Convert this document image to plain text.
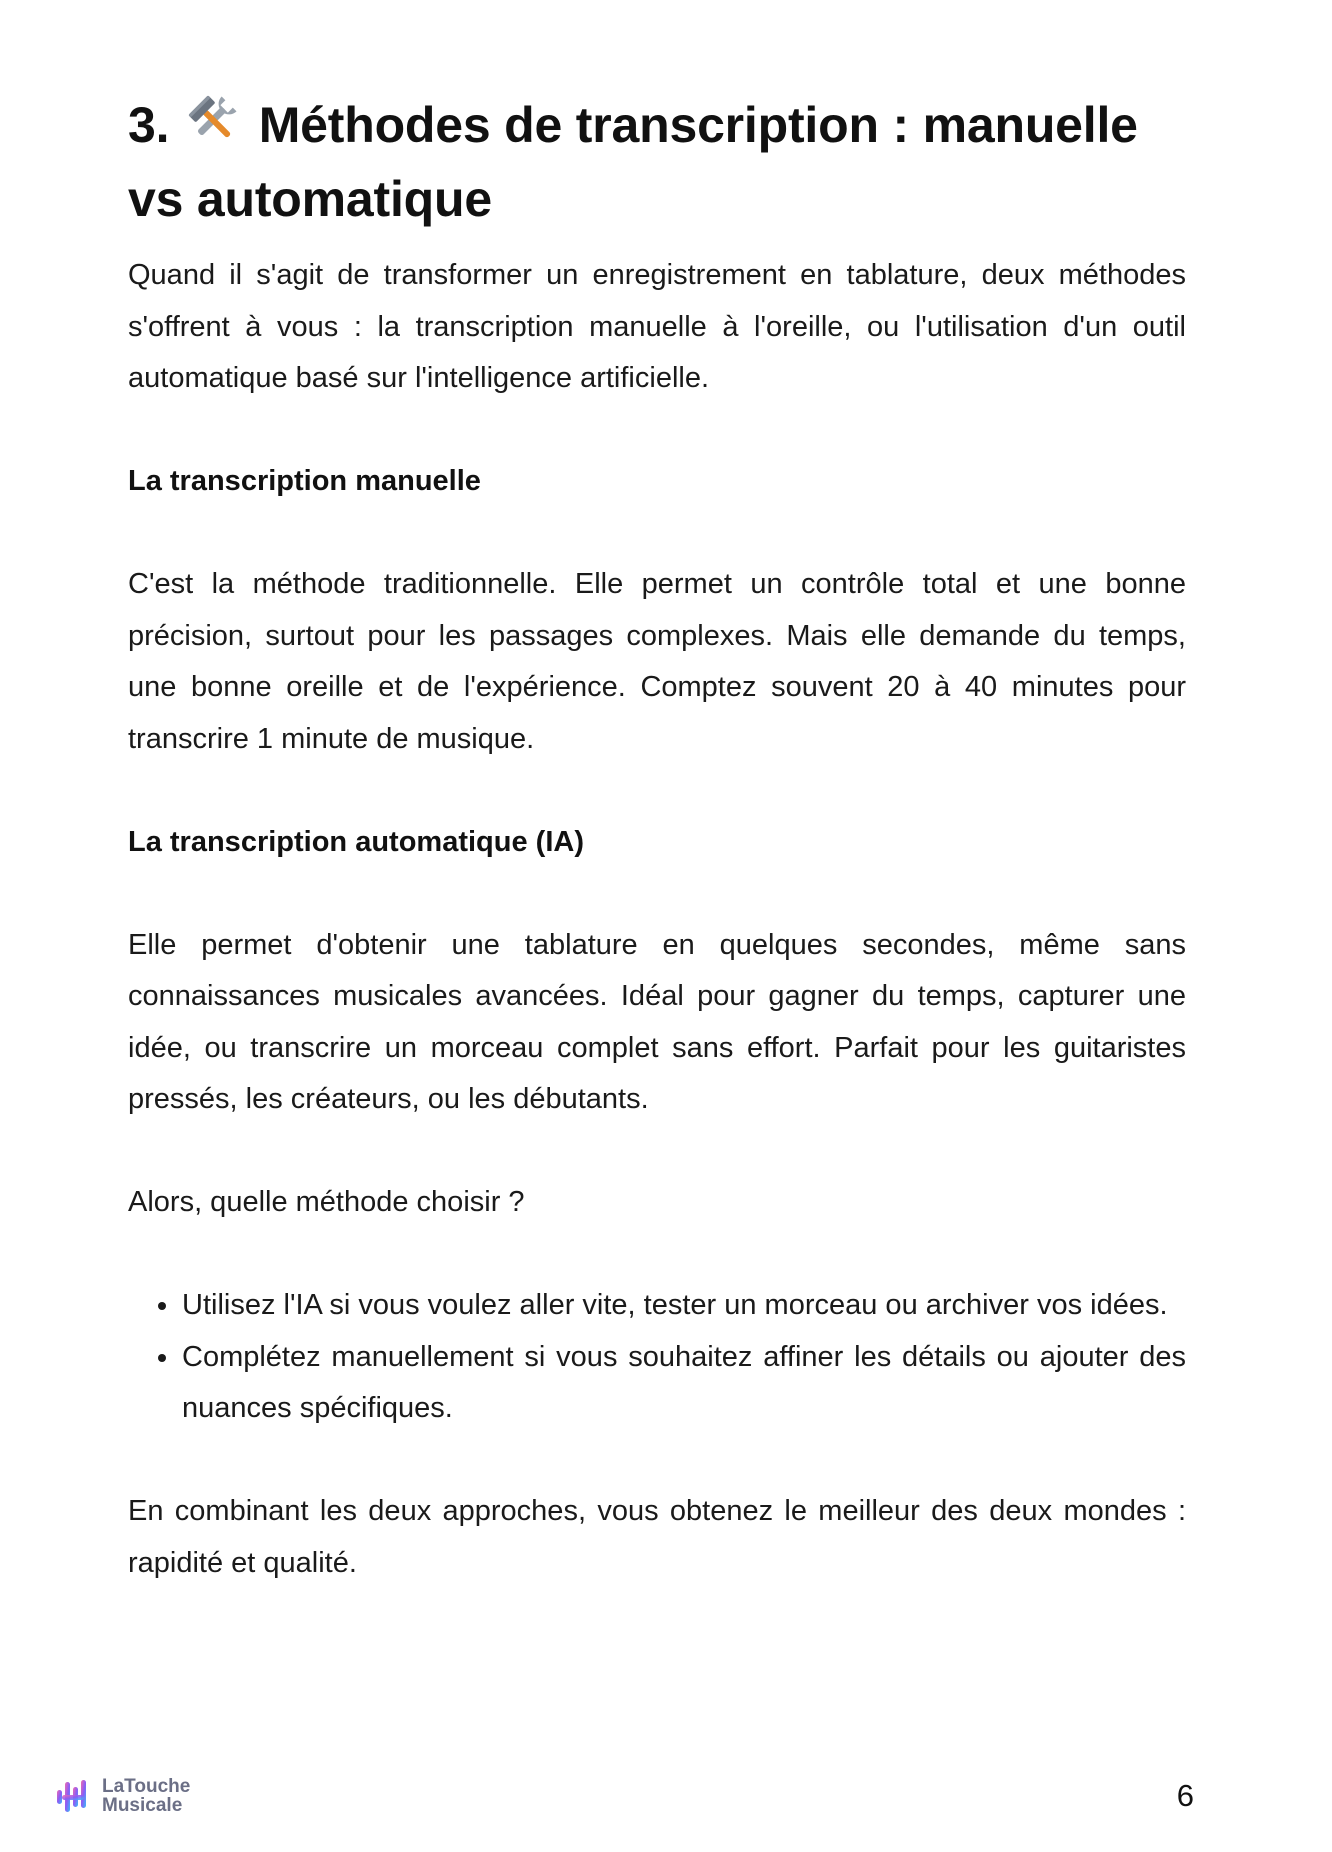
3. Méthodes de transcription : manuelle vs automatique

Quand il s'agit de transformer un enregistrement en tablature, deux méthodes s'offrent à vous : la transcription manuelle à l'oreille, ou l'utilisation d'un outil automatique basé sur l'intelligence artificielle.

La transcription manuelle

C'est la méthode traditionnelle. Elle permet un contrôle total et une bonne précision, surtout pour les passages complexes. Mais elle demande du temps, une bonne oreille et de l'expérience. Comptez souvent 20 à 40 minutes pour transcrire 1 minute de musique.

La transcription automatique (IA)

Elle permet d'obtenir une tablature en quelques secondes, même sans connaissances musicales avancées. Idéal pour gagner du temps, capturer une idée, ou transcrire un morceau complet sans effort. Parfait pour les guitaristes pressés, les créateurs, ou les débutants.

Alors, quelle méthode choisir ?

Utilisez l'IA si vous voulez aller vite, tester un morceau ou archiver vos idées.
Complétez manuellement si vous souhaitez affiner les détails ou ajouter des nuances spécifiques.

En combinant les deux approches, vous obtenez le meilleur des deux mondes : rapidité et qualité.

LaTouche
Musicale	6
